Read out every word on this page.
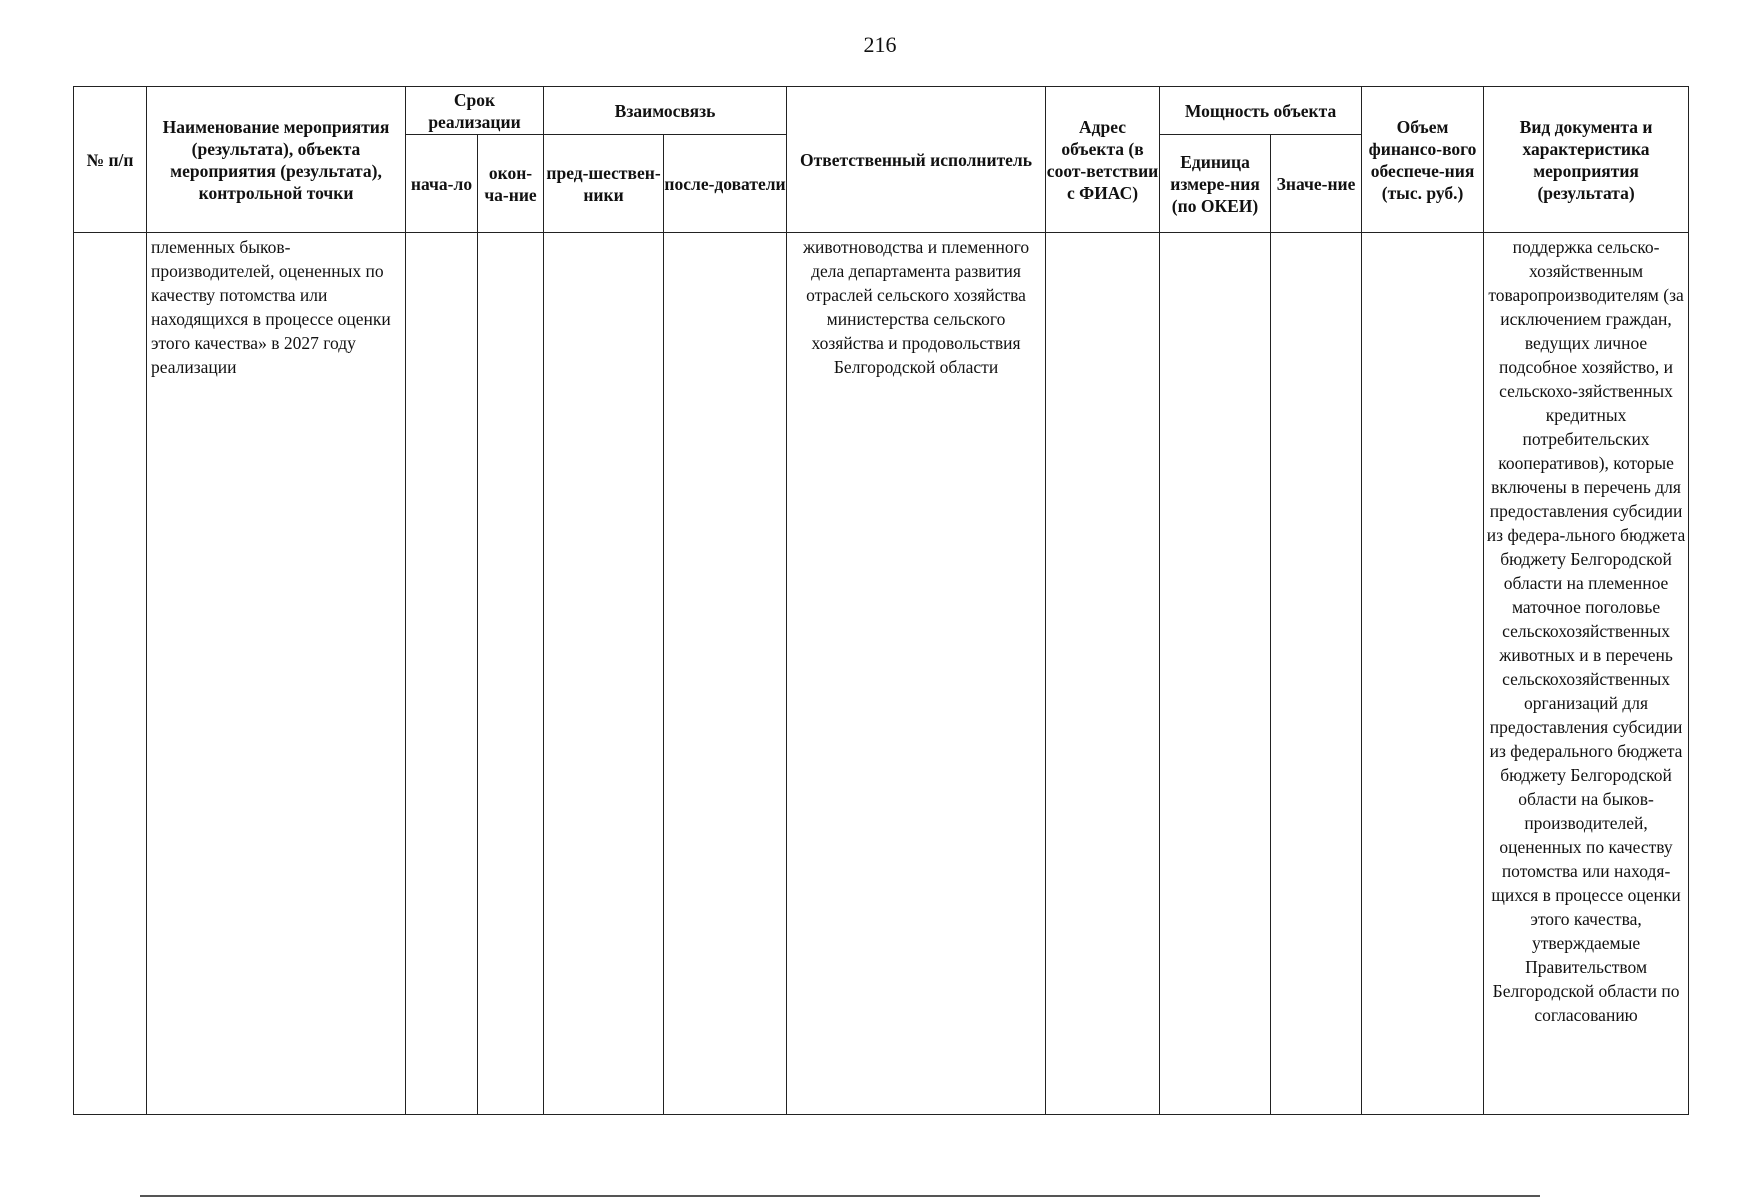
216
№ п/п	Наименование мероприятия (результата), объекта мероприятия (результата), контрольной точки	Срок реализации		Взаимосвязь		Ответственный исполнитель	Адрес объекта (в соот-ветствии с ФИАС)	Мощность объекта		Объем финансо-вого обеспече-ния (тыс. руб.)	Вид документа и характеристика мероприятия (результата)
		нача-ло	окон-ча-ние	пред-шествен-ники	после-дователи			Единица измере-ния (по ОКЕИ)	Значе-ние		
	племенных быков-производителей, оцененных по качеству потомства или находящихся в процессе оценки этого качества» в 2027 году реализации					животноводства и племенного дела департамента развития отраслей сельского хозяйства министерства сельского хозяйства и продовольствия Белгородской области					поддержка сельско-хозяйственным товаропроизводителям (за исключением граждан, ведущих личное подсобное хозяйство, и сельскохо-зяйственных кредитных потребительских кооперативов), которые включены в перечень для предоставления субсидии из федера-льного бюджета бюджету Белгородской области на племенное маточное поголовье сельскохозяйственных животных и в перечень сельскохозяйственных организаций для предоставления субсидии из федерального бюджета бюджету Белгородской области на быков-производителей, оцененных по качеству потомства или находя-щихся в процессе оценки этого качества, утверждаемые Правительством Белгородской области по согласованию
